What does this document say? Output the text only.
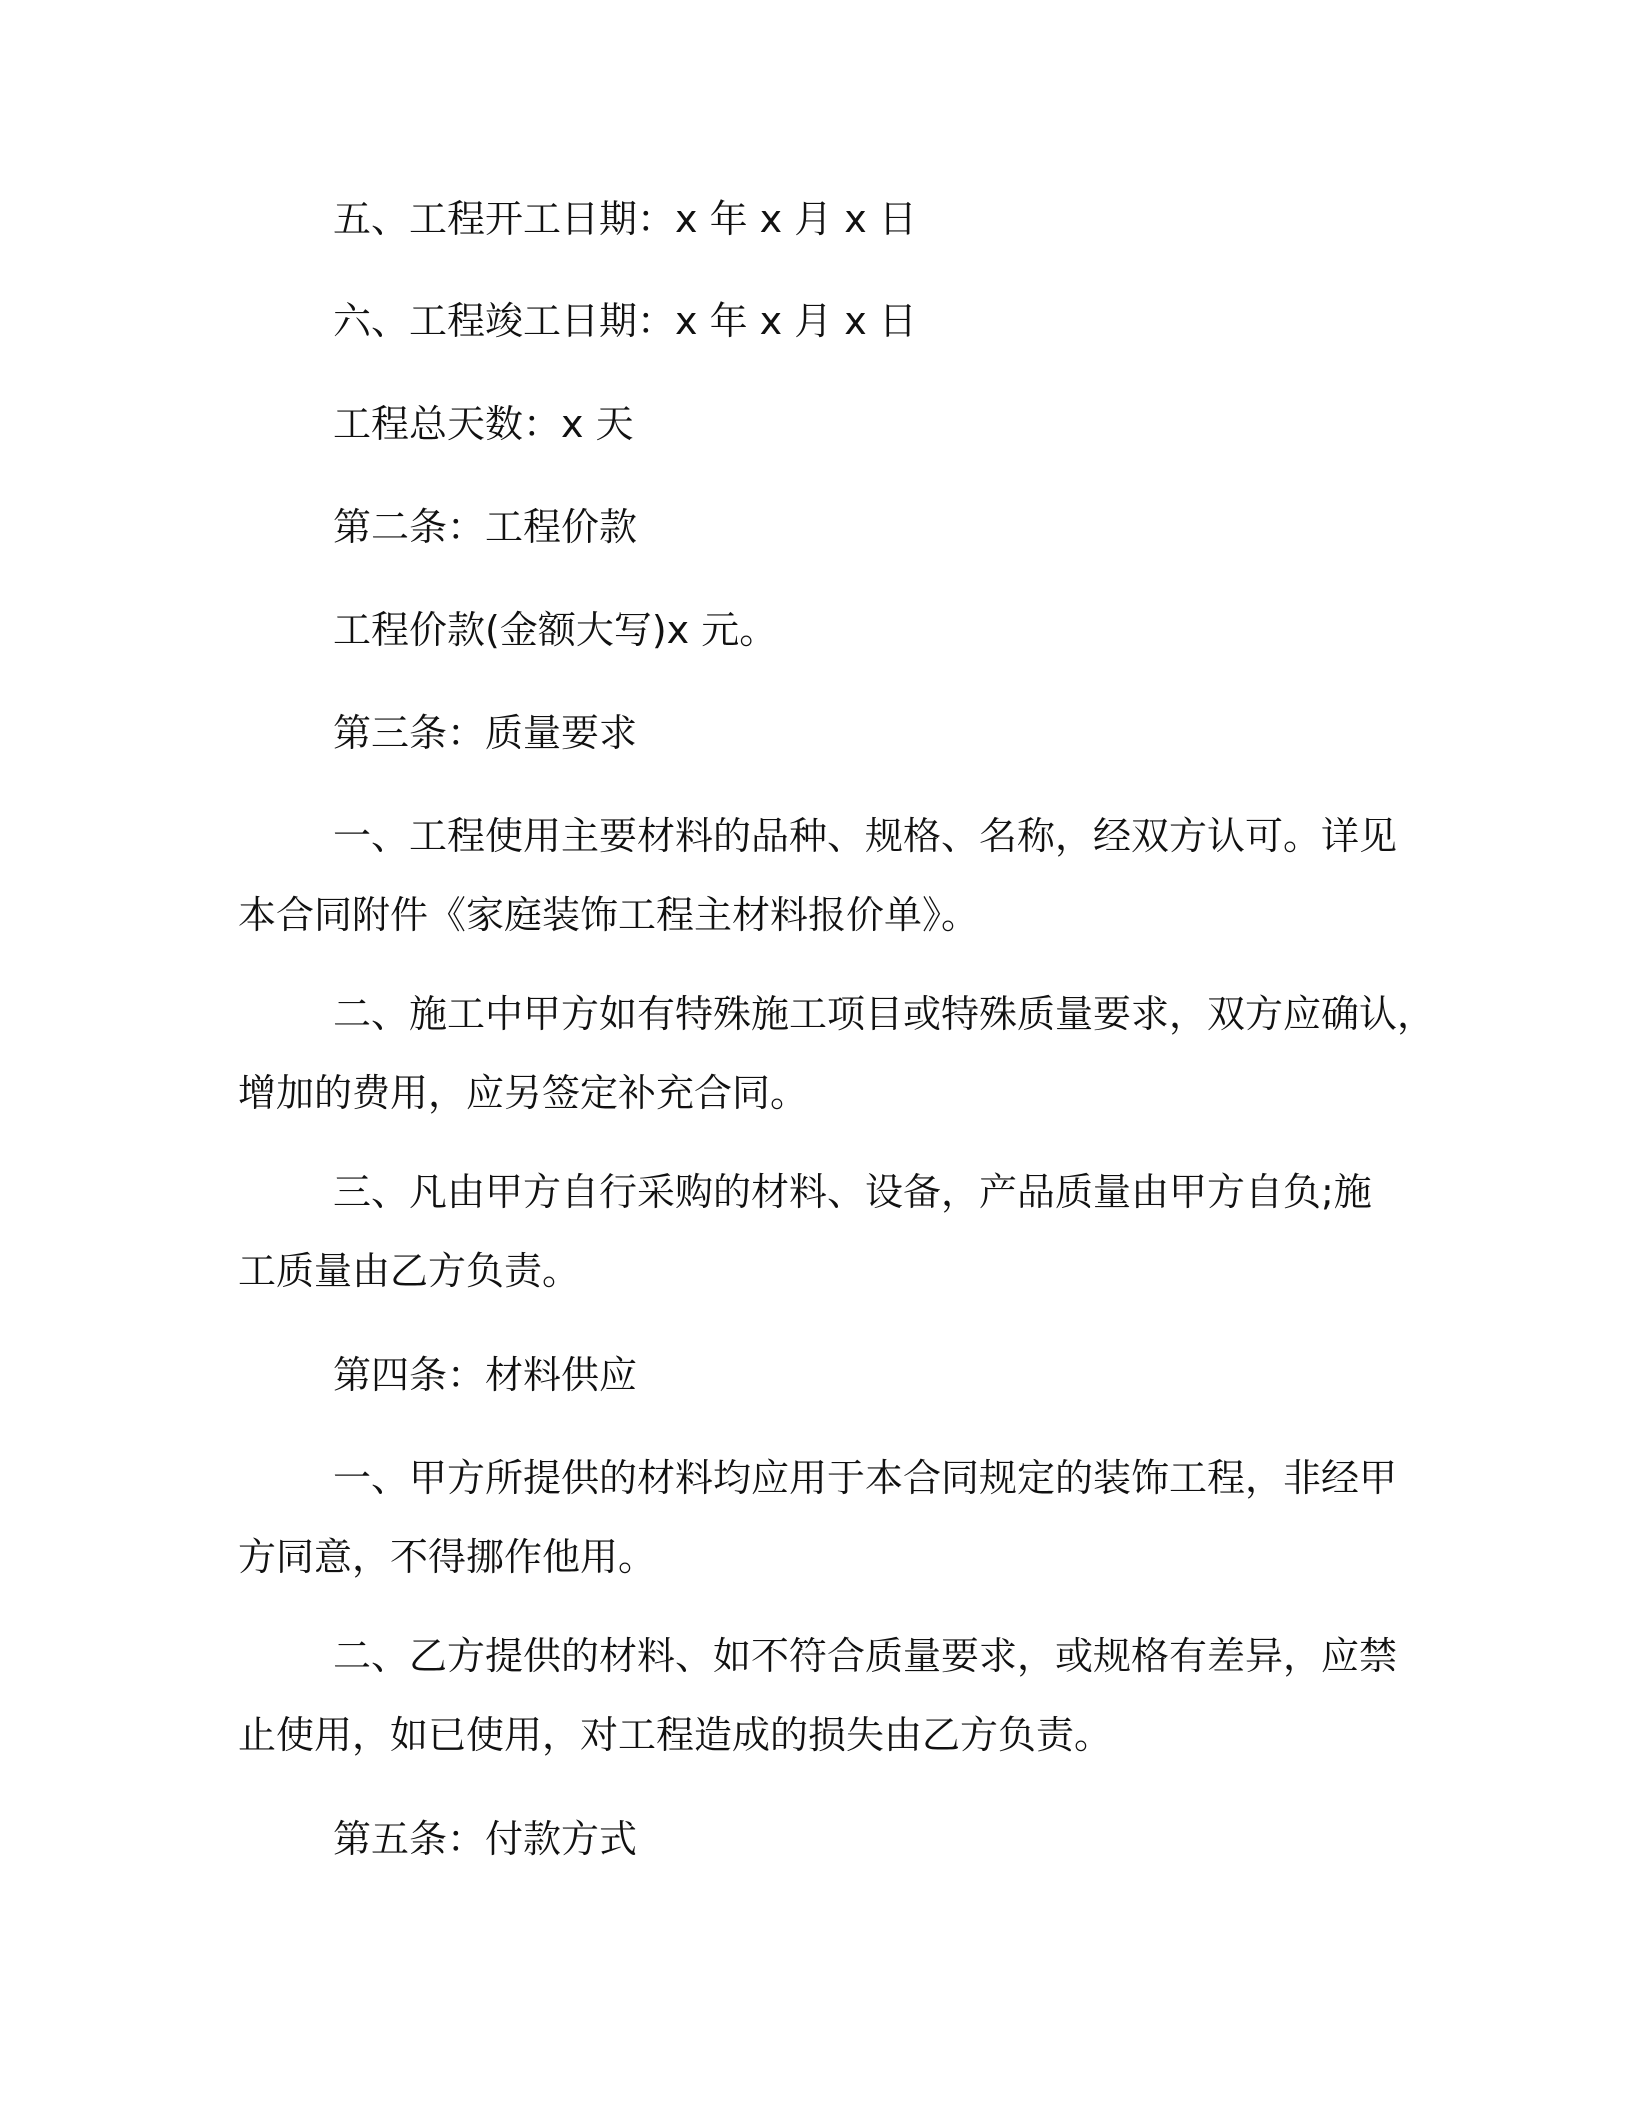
五、工程开工日期：x 年 x 月 x 日

六、工程竣工日期：x 年 x 月 x 日

工程总天数：x 天

第二条：工程价款

工程价款(金额大写)x 元。

第三条：质量要求

一、工程使用主要材料的品种、规格、名称，经双方认可。详见

本合同附件《家庭装饰工程主材料报价单》。

二、施工中甲方如有特殊施工项目或特殊质量要求，双方应确认，

增加的费用，应另签定补充合同。

三、凡由甲方自行采购的材料、设备，产品质量由甲方自负;施

工质量由乙方负责。

第四条：材料供应

一、甲方所提供的材料均应用于本合同规定的装饰工程，非经甲

方同意，不得挪作他用。

二、乙方提供的材料、如不符合质量要求，或规格有差异，应禁

止使用，如已使用，对工程造成的损失由乙方负责。

第五条：付款方式
